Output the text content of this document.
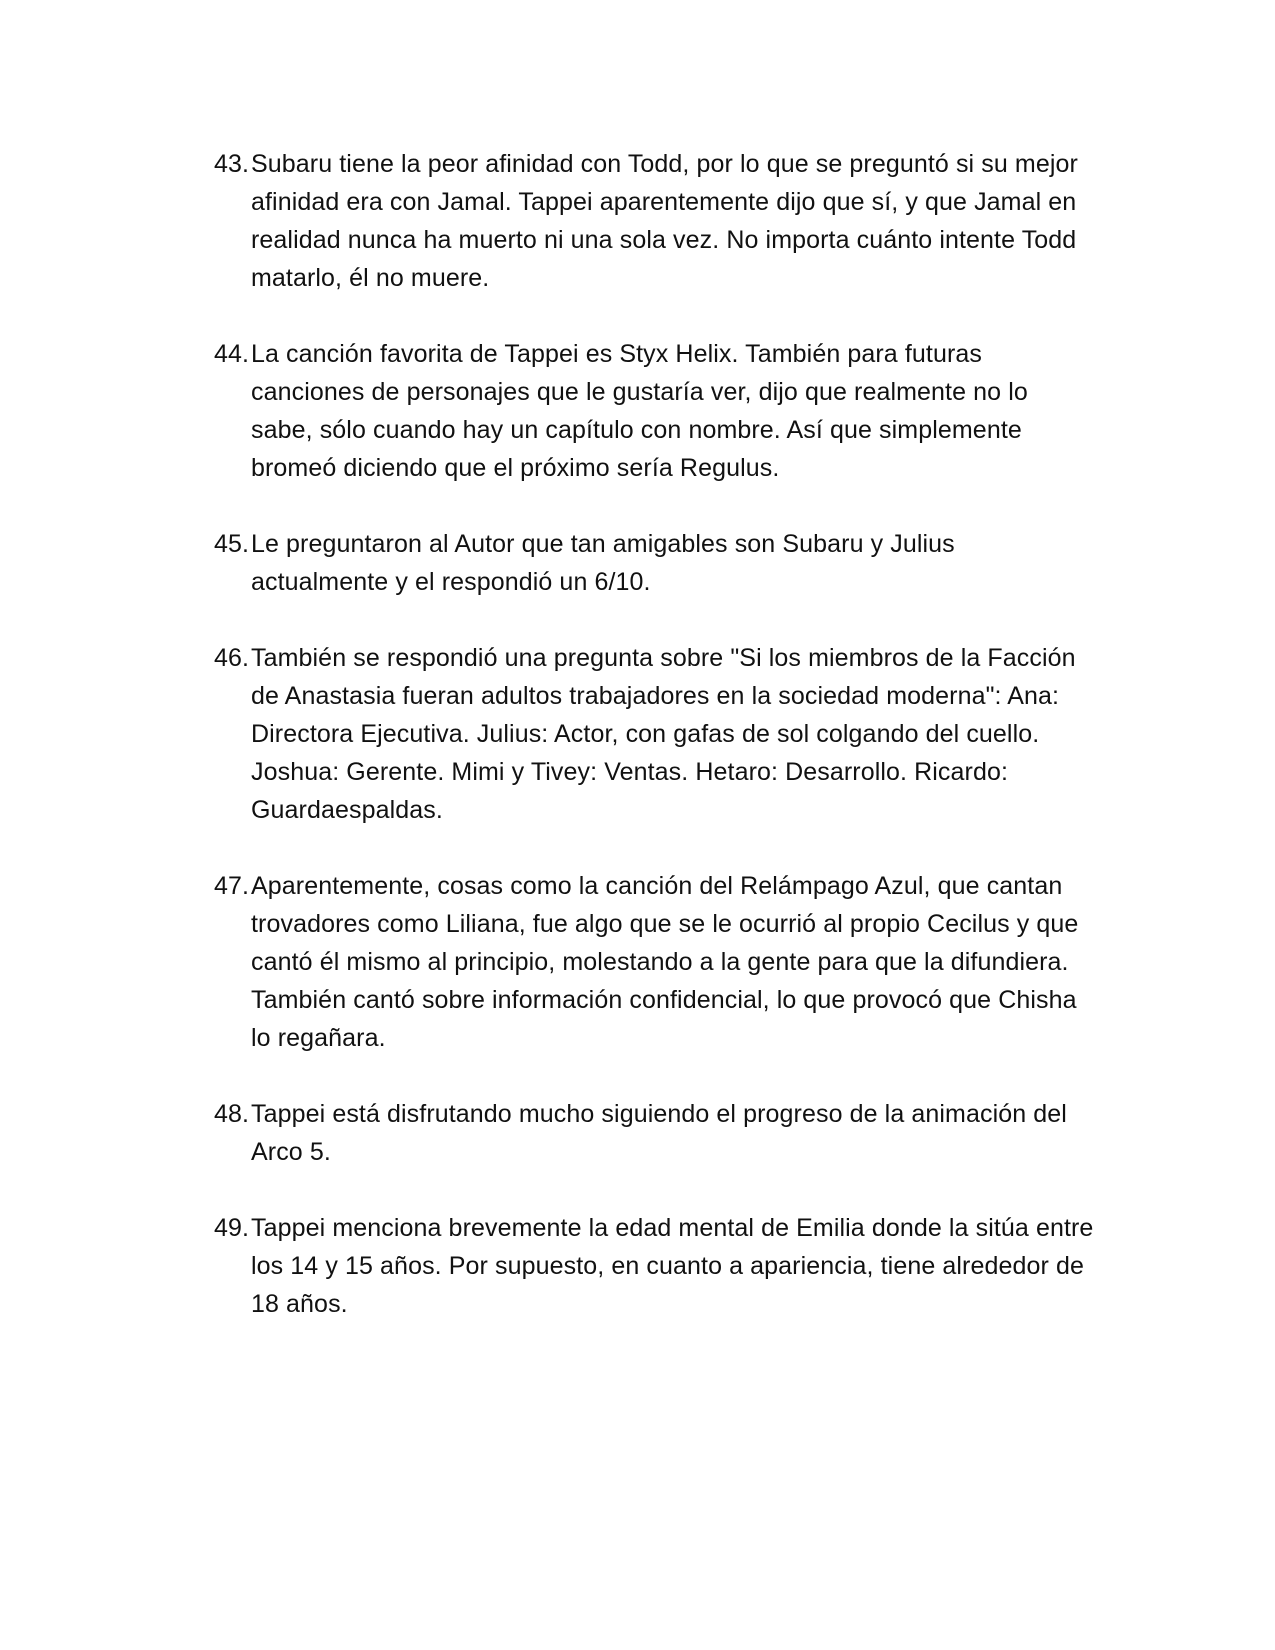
43. Subaru tiene la peor afinidad con Todd, por lo que se preguntó si su mejor afinidad era con Jamal. Tappei aparentemente dijo que sí, y que Jamal en realidad nunca ha muerto ni una sola vez. No importa cuánto intente Todd matarlo, él no muere.
44. La canción favorita de Tappei es Styx Helix. También para futuras canciones de personajes que le gustaría ver, dijo que realmente no lo sabe, sólo cuando hay un capítulo con nombre. Así que simplemente bromeó diciendo que el próximo sería Regulus.
45. Le preguntaron al Autor que tan amigables son Subaru y Julius actualmente y el respondió un 6/10.
46. También se respondió una pregunta sobre "Si los miembros de la Facción de Anastasia fueran adultos trabajadores en la sociedad moderna": Ana: Directora Ejecutiva. Julius: Actor, con gafas de sol colgando del cuello. Joshua: Gerente. Mimi y Tivey: Ventas. Hetaro: Desarrollo. Ricardo: Guardaespaldas.
47. Aparentemente, cosas como la canción del Relámpago Azul, que cantan trovadores como Liliana, fue algo que se le ocurrió al propio Cecilus y que cantó él mismo al principio, molestando a la gente para que la difundiera. También cantó sobre información confidencial, lo que provocó que Chisha lo regañara.
48. Tappei está disfrutando mucho siguiendo el progreso de la animación del Arco 5.
49. Tappei menciona brevemente la edad mental de Emilia donde la sitúa entre los 14 y 15 años. Por supuesto, en cuanto a apariencia, tiene alrededor de 18 años.
